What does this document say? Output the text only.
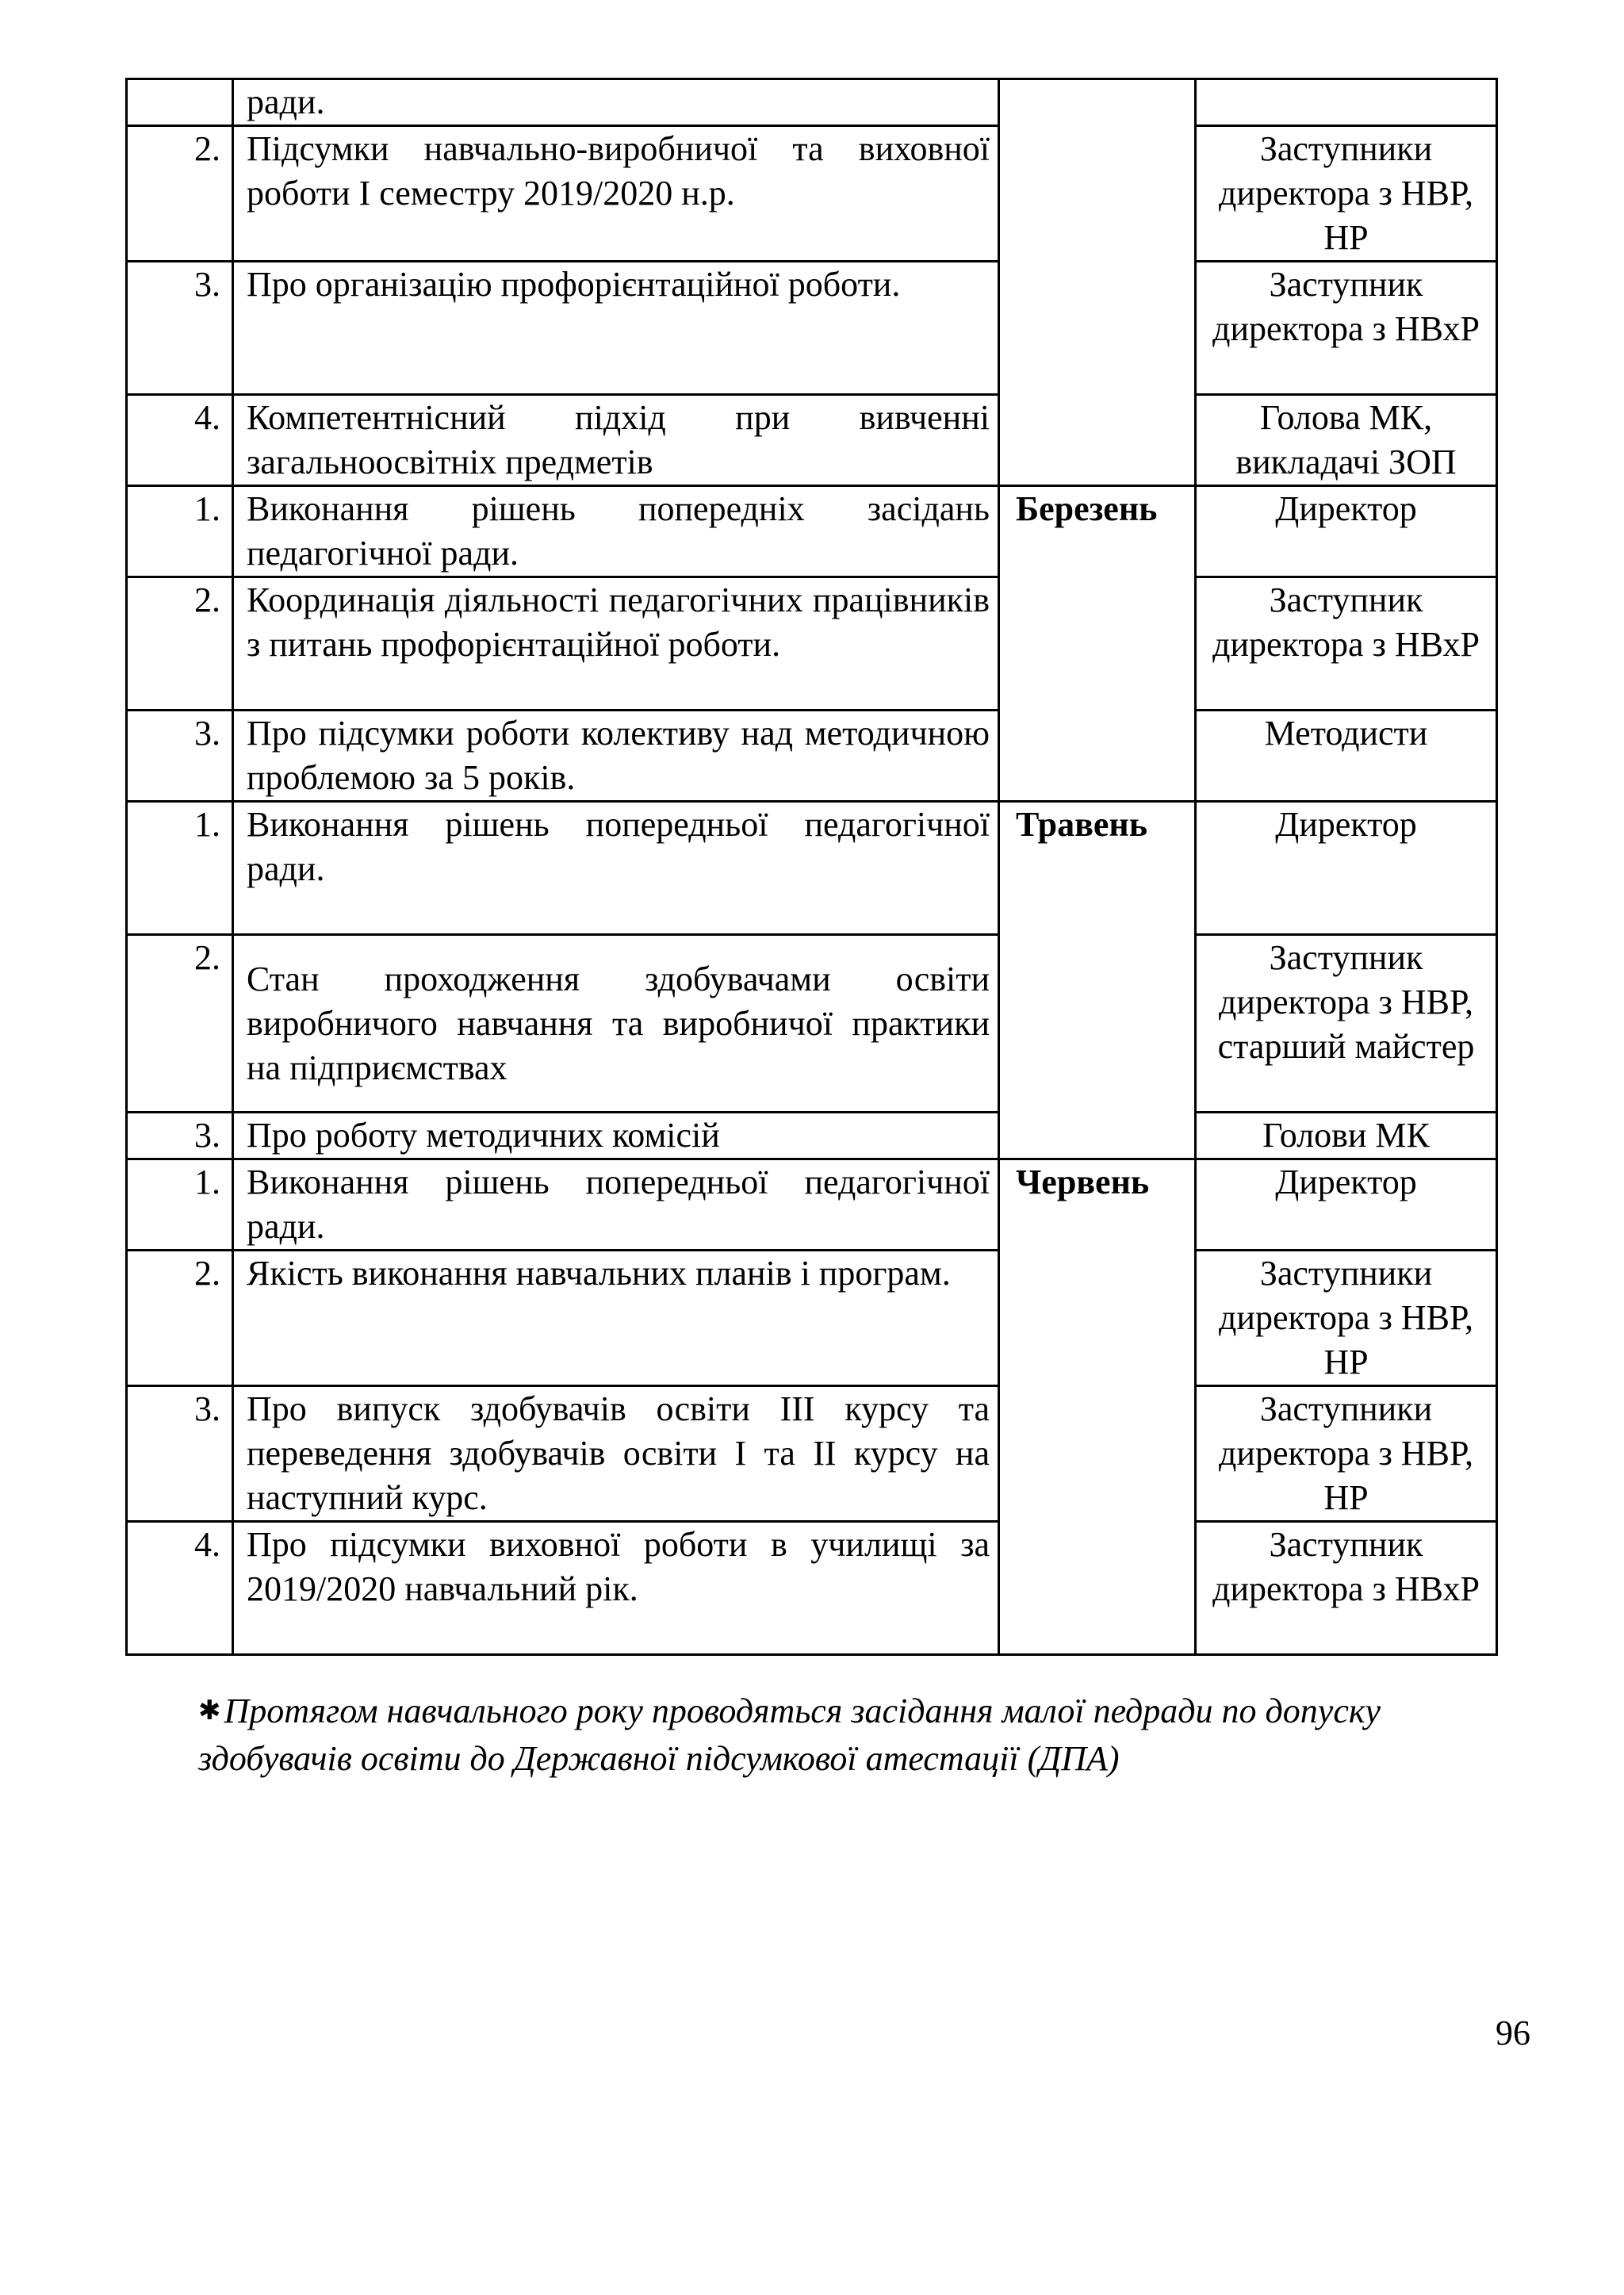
	ради.		
2.	Підсумки навчально-виробничої та виховної роботи І семестру 2019/2020 н.р.		Заступники директора з НВР, НР
3.	Про організацію профорієнтаційної роботи.		Заступник директора з НВхР
4.	Компетентнісний підхід при вивченні загальноосвітніх предметів		Голова МК, викладачі ЗОП
1.	Виконання рішень попередніх засідань педагогічної ради.	Березень	Директор
2.	Координація діяльності педагогічних працівників з питань профорієнтаційної роботи.		Заступник директора з НВхР
3.	Про підсумки роботи колективу над методичною проблемою за 5 років.		Методисти
1.	Виконання рішень попередньої педагогічної ради.	Травень	Директор
2.	Стан проходження здобувачами освіти виробничого навчання та виробничої практики на підприємствах		Заступник директора з НВР, старший майстер
3.	Про роботу методичних комісій		Голови МК
1.	Виконання рішень попередньої педагогічної ради.	Червень	Директор
2.	Якість виконання навчальних планів і програм.		Заступники директора з НВР, НР
3.	Про випуск здобувачів освіти ІІІ курсу та переведення здобувачів освіти І та ІІ курсу на наступний курс.		Заступники директора з НВР, НР
4.	Про підсумки виховної роботи в училищі за 2019/2020 навчальний рік.		Заступник директора з НВхР
✱Протягом навчального року проводяться засідання малої педради по допуску здобувачів освіти до Державної підсумкової атестації (ДПА)
96
